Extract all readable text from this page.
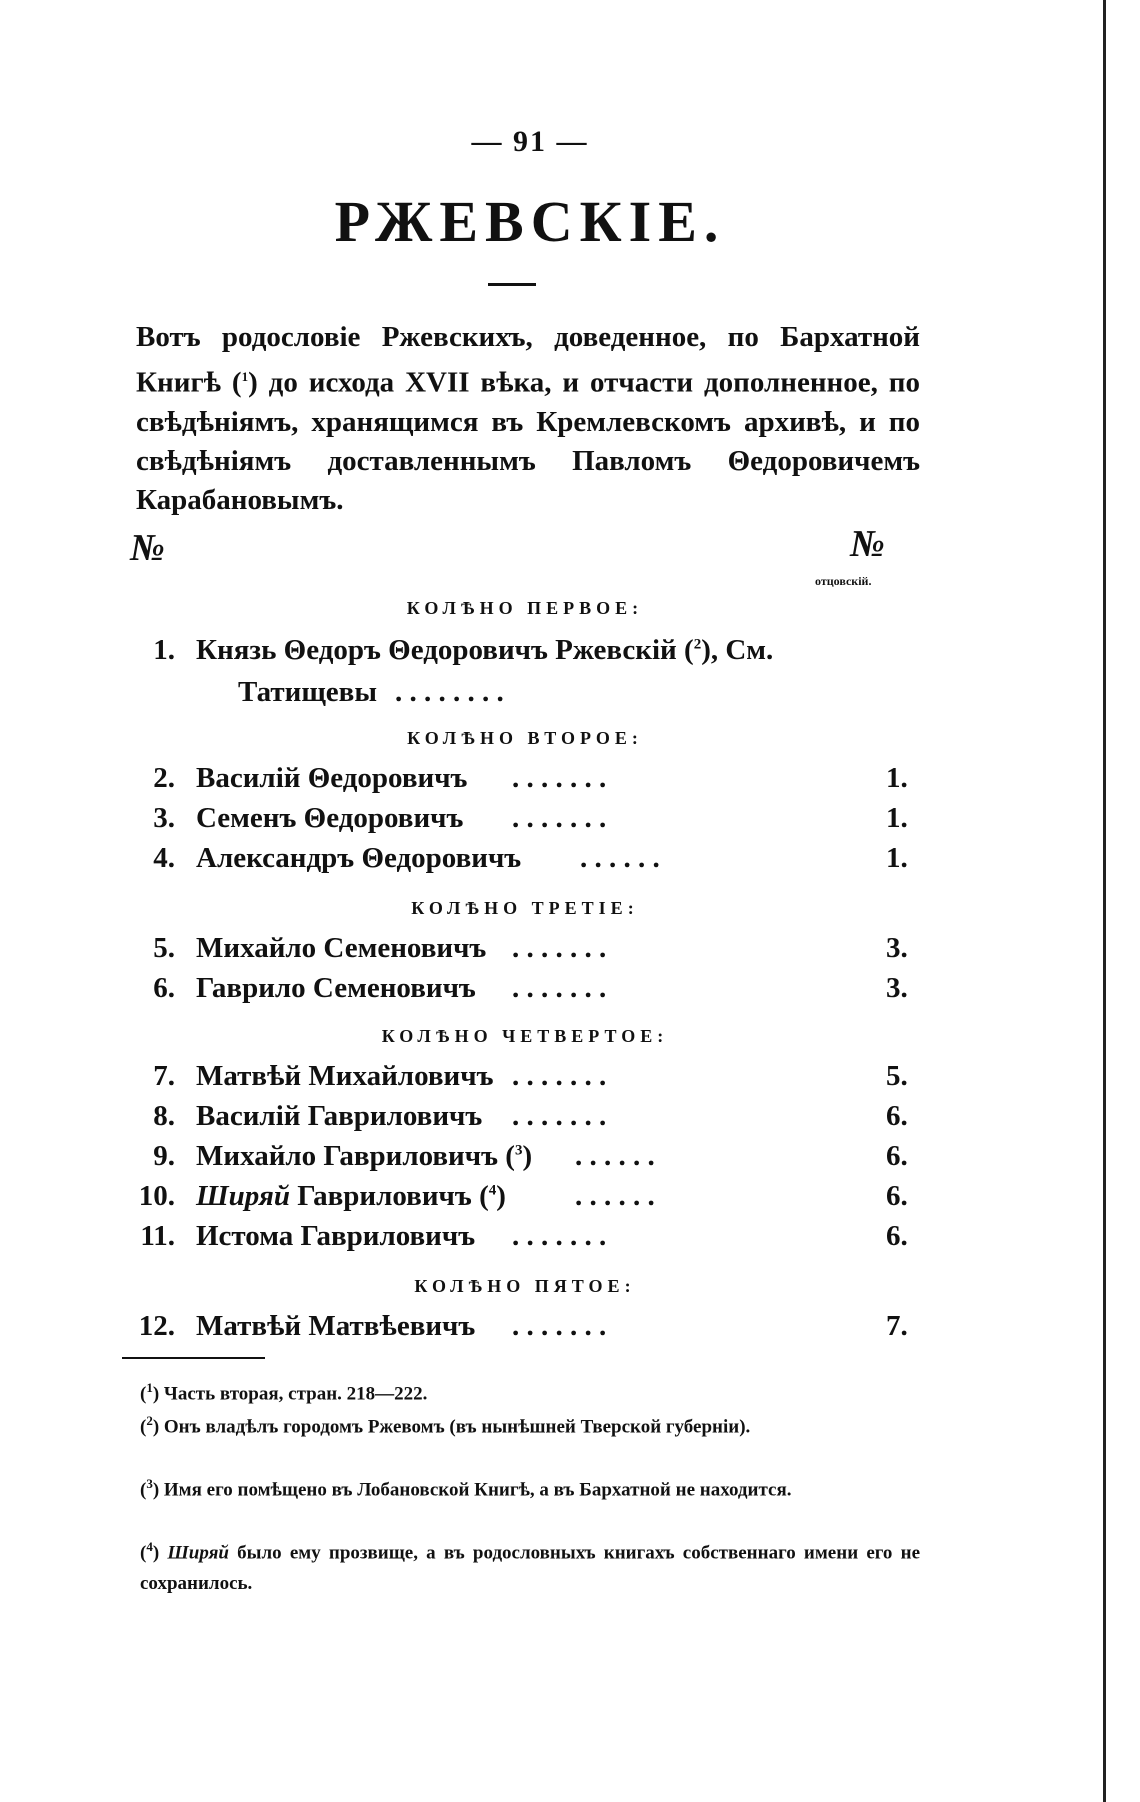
— 91 —
РЖЕВСКІЕ.
Вотъ родословіе Ржевскихъ, доведенное, по Бархатной Книгѣ ($^1$) до исхода XVII вѣка, и отчасти дополненное, по свѣдѣніямъ, хранящимся въ Кремлевскомъ архивѣ, и по свѣдѣніямъ доставленнымъ Павломъ Θедоровичемъ Карабановымъ.
№	№
отцовскій.
КОЛѢНО ПЕРВОЕ:
1. Князь Θедоръ Θедоровичъ Ржевскій ($^2$), См.
Татищевы . . . . . . . .
КОЛѢНО ВТОРОЕ:
2. Василій Θедоровичъ . . . . . . .	1.
3. Семенъ Θедоровичъ . . . . . . .	1.
4. Александръ Θедоровичъ . . . . . .	1.
КОЛѢНО ТРЕТІЕ:
5. Михайло Семеновичъ . . . . . . .	3.
6. Гаврило Семеновичъ . . . . . . .	3.
КОЛѢНО ЧЕТВЕРТОЕ:
7. Матвѣй Михайловичъ . . . . . . .	5.
8. Василій Гавриловичъ . . . . . . .	6.
9. Михайло Гавриловичъ ($^3$) . . . . . .	6.
10. Ширяй Гавриловичъ ($^4$) . . . . . .	6.
11. Истома Гавриловичъ . . . . . . .	6.
КОЛѢНО ПЯТОЕ:
12. Матвѣй Матвѣевичъ . . . . . . .	7.
($^1$) Часть вторая, стран. 218—222.
($^2$) Онъ владѣлъ городомъ Ржевомъ (въ нынѣшней Тверской губерніи).
($^3$) Имя его помѣщено въ Лобановской Книгѣ, а въ Бархатной не находится.
($^4$) Ширяй было ему прозвище, а въ родословныхъ книгахъ собственнаго имени его не сохранилось.
